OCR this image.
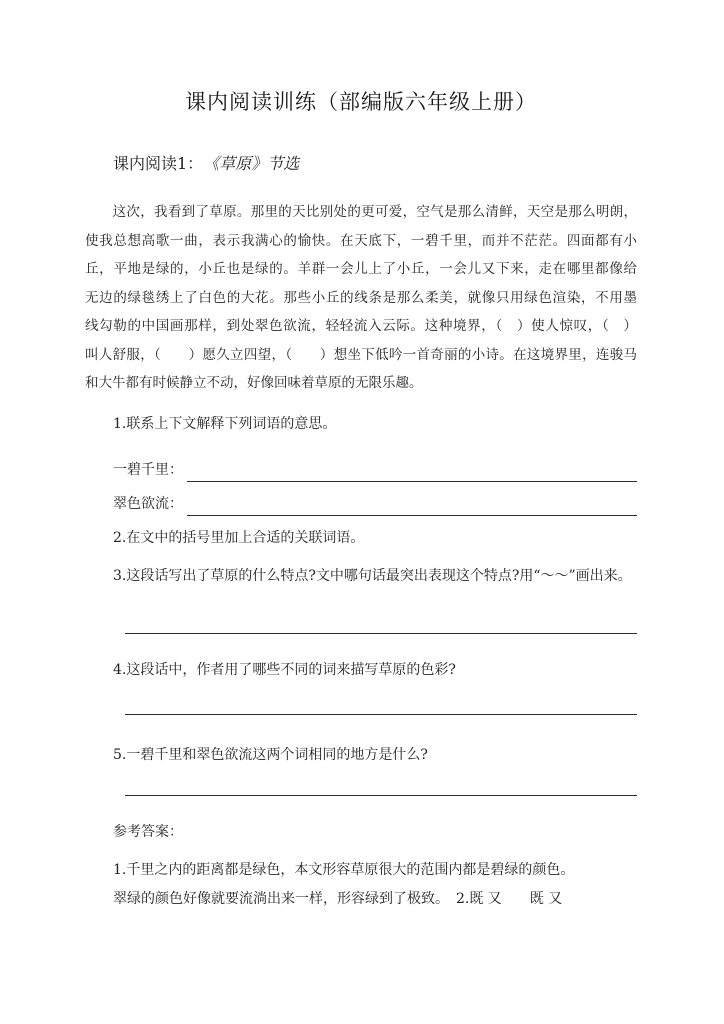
课内阅读训练（部编版六年级上册）
课内阅读1：　《草原》节选
　　这次，我看到了草原。那里的天比别处的更可爱，空气是那么清鲜，天空是那么明朗，
使我总想高歌一曲，表示我满心的愉快。在天底下，一碧千里，而并不茫茫。四面都有小
丘，平地是绿的，小丘也是绿的。羊群一会儿上了小丘，一会儿又下来，走在哪里都像给
无边的绿毯绣上了白色的大花。那些小丘的线条是那么柔美，就像只用绿色渲染，不用墨
线勾勒的中国画那样，到处翠色欲流，轻轻流入云际。这种境界，（　）使人惊叹，（　）
叫人舒服，（　　）愿久立四望，（　　）想坐下低吟一首奇丽的小诗。在这境界里，连骏马
和大牛都有时候静立不动，好像回味着草原的无限乐趣。
1.联系上下文解释下列词语的意思。
一碧千里：
翠色欲流：
2.在文中的括号里加上合适的关联词语。
3.这段话写出了草原的什么特点?文中哪句话最突出表现这个特点?用“～～”画出来。
4.这段话中，作者用了哪些不同的词来描写草原的色彩?
5.一碧千里和翠色欲流这两个词相同的地方是什么?
参考答案：
1.千里之内的距离都是绿色，本文形容草原很大的范围内都是碧绿的颜色。
翠绿的颜色好像就要流淌出来一样，形容绿到了极致。　2.既 又　　既 又
